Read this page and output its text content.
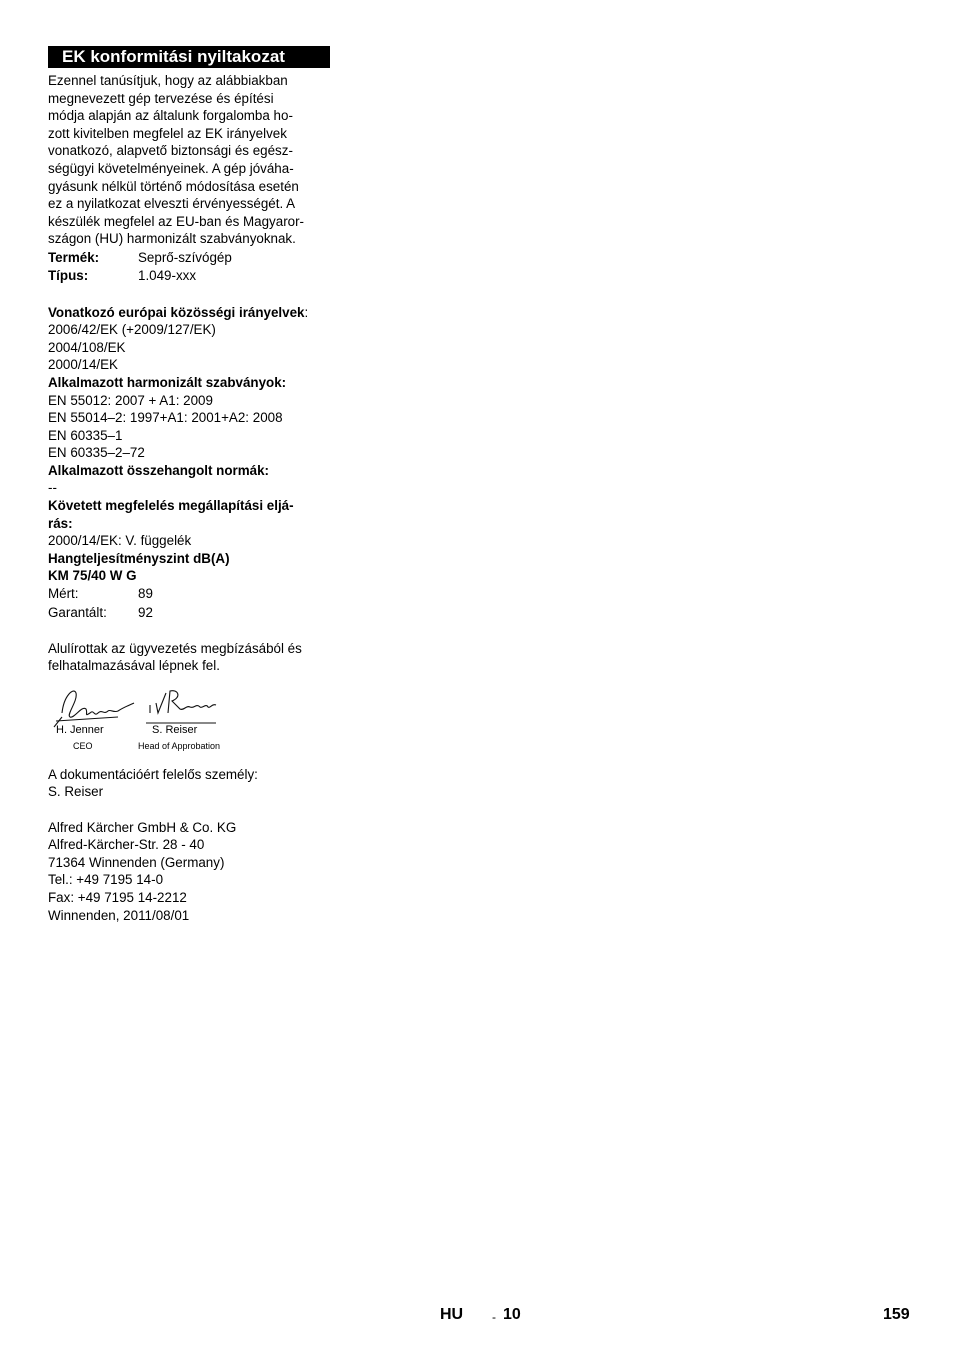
EK konformitási nyiltakozat
Ezennel tanúsítjuk, hogy az alábbiakban
megnevezett gép tervezése és építési
módja alapján az általunk forgalomba ho-
zott kivitelben megfelel az EK irányelvek
vonatkozó, alapvető biztonsági és egész-
ségügyi követelményeinek. A gép jóváha-
gyásunk nélkül történő módosítása esetén
ez a nyilatkozat elveszti érvényességét. A
készülék megfelel az EU-ban és Magyaror-
szágon (HU) harmonizált szabványoknak.
Termék:	Seprő-szívógép
Típus:	1.049-xxx
Vonatkozó európai közösségi irányelvek:
2006/42/EK (+2009/127/EK)
2004/108/EK
2000/14/EK
Alkalmazott harmonizált szabványok:
EN 55012: 2007 + A1: 2009
EN 55014–2: 1997+A1: 2001+A2: 2008
EN 60335–1
EN 60335–2–72
Alkalmazott összehangolt normák:
--
Követett megfelelés megállapítási eljá-
rás:
2000/14/EK: V. függelék
Hangteljesítményszint dB(A)
KM 75/40 W G
Mért:	89
Garantált:	92
Alulírottak az ügyvezetés megbízásából és
felhatalmazásával lépnek fel.
H. Jenner
CEO
S. Reiser
Head of Approbation
A dokumentációért felelős személy:
S. Reiser
Alfred Kärcher GmbH & Co. KG
Alfred-Kärcher-Str. 28 - 40
71364 Winnenden (Germany)
Tel.: +49 7195 14-0
Fax: +49 7195 14-2212
Winnenden, 2011/08/01
HU - 10	159
